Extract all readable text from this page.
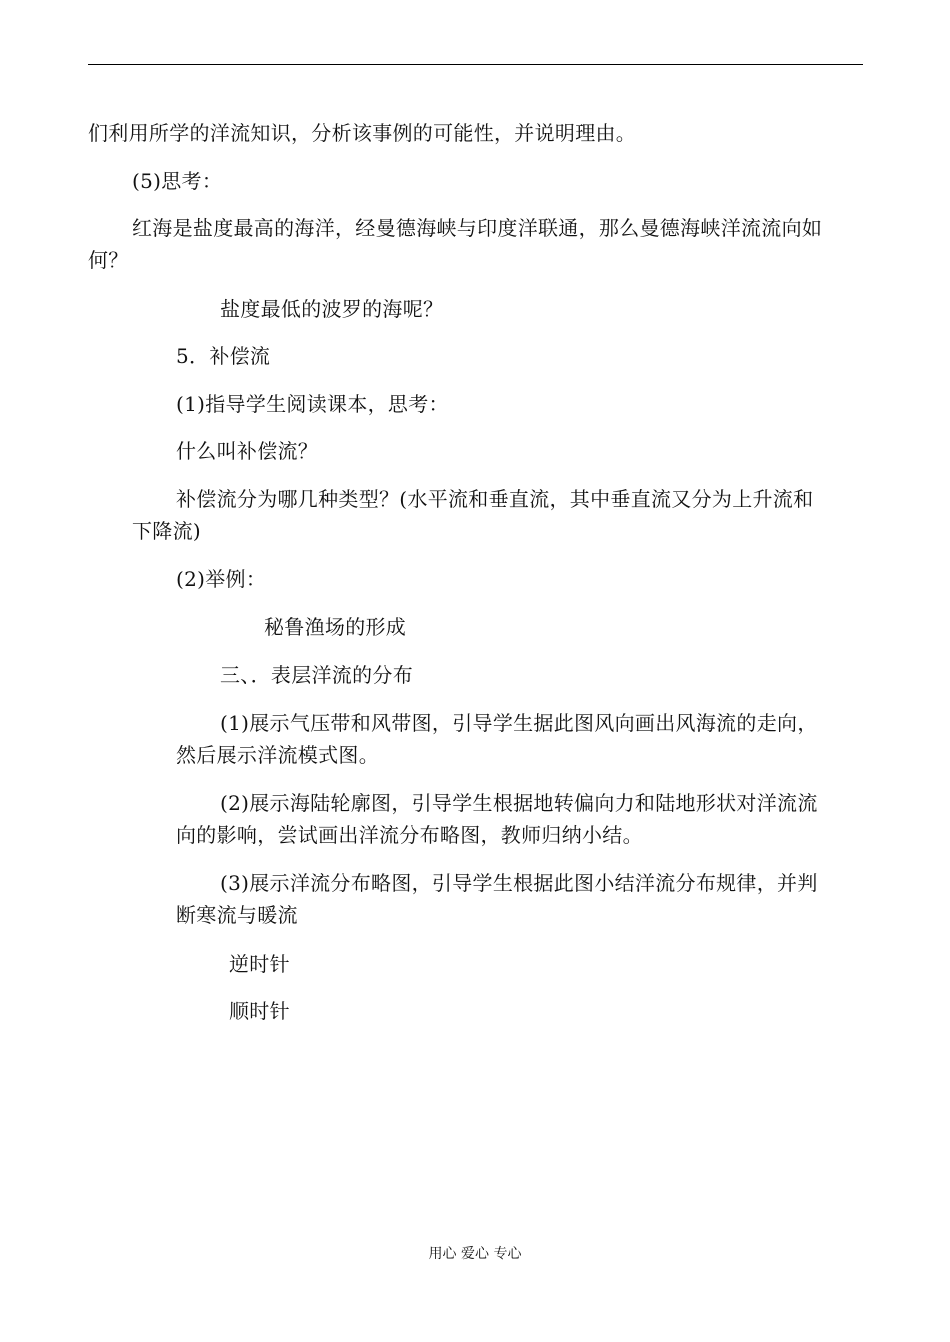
们利用所学的洋流知识，分析该事例的可能性，并说明理由。
(5)思考：
红海是盐度最高的海洋，经曼德海峡与印度洋联通，那么曼德海峡洋流流向如
何？
盐度最低的波罗的海呢？
5．补偿流
(1)指导学生阅读课本，思考：
什么叫补偿流？
补偿流分为哪几种类型？(水平流和垂直流，其中垂直流又分为上升流和
下降流)
(2)举例：
秘鲁渔场的形成
三、．表层洋流的分布
(1)展示气压带和风带图，引导学生据此图风向画出风海流的走向，
然后展示洋流模式图。
(2)展示海陆轮廓图，引导学生根据地转偏向力和陆地形状对洋流流
向的影响，尝试画出洋流分布略图，教师归纳小结。
(3)展示洋流分布略图，引导学生根据此图小结洋流分布规律，并判
断寒流与暖流
逆时针
顺时针
用心 爱心 专心
